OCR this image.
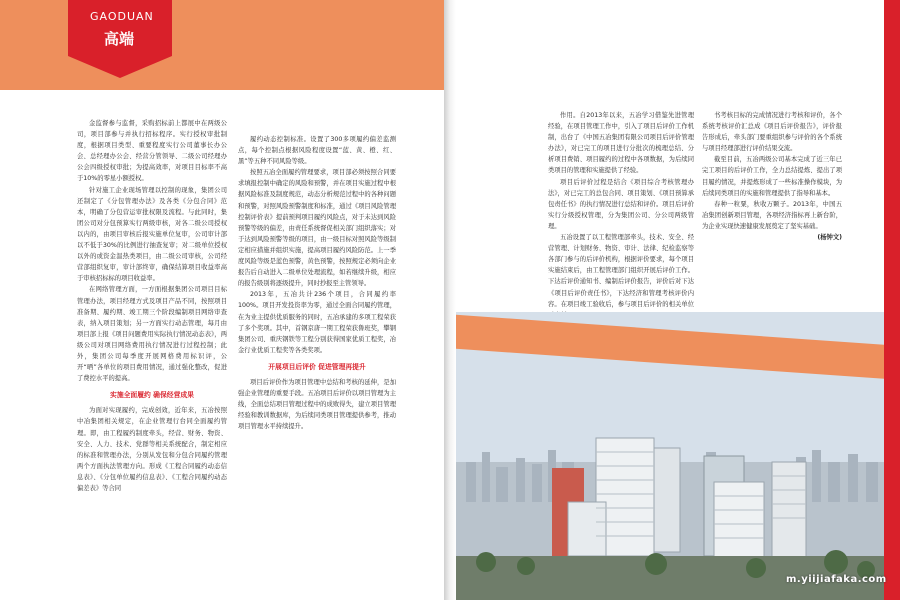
GAODUAN
高端

金监督参与监督，采购招标前上都展中在两级公司，项目部参与并执行招标程序。实行授权审批制度，根据项目类型、重要程度实行公司董事长办公会、总经理办公会、经营分管领导、二级公司经理办公会四级授权审批；为提高效率，对项目目标率不高于10%的零星小额授权。

针对施工企业现场管理以控制的现象，集团公司还制定了《分包管理办法》及各类《分包合同》范本，明确了分包营运审批权限及流程。与此同时，集团公司对分包预算实行两级审核，对各二级公司授权以内的，由项目审核后报实施单位复审，公司审计部以不低于30%的比例进行抽查复审；对二级单位授权以外的或资金温热类项目，由二级公司审核，公司经营部组织复审，审计部终审，确保结算项目收益率高于审核招标标的项目收益率。

在网络管理方面，一方面根据集团公司项目目标管理办法，项目经理方式及项目产品不同，按照项目准备期、履约期、竣工期三个阶段编制项目网络审查表，纳入项目策划；另一方面实行动态管理，每月由项目部上报《项目问题费用实际执行情况动态表》，两级公司对项目网络费用执行情况进行过程控制；此外，集团公司每季度开展网格费用标识评，公开“晒”各单位的项目费用情况，通过强化整改，促进了费控水平的提高。

实施全面履约 确保经营成果

为面对实现履约，完成创效，近年来，五冶按照中冶集团相关规定，在企业管理行台同全面履约管理。即，由工程履约制度牵头，经营、财务、物资、安全、人力、技术、党群等相关系统配合，制定相应的标准和管理办法，分别从发包和分包合同履约管理两个方面执法管理方向。形成《工程合同履约动态信息表》、《分包单位履约信息表》、《工程合同履约动态偏差表》等合同

履约动态控制标准。设置了300多项履约偏差监测点，每个控制点根据风险程度设置“蓝、黄、橙、红、黑”等五种不同风险等级。

按照五冶全面履约管理要求，项目部必须按照合同要求填报控制中确定的风险和预警，并在项目实施过程中根据风险标准及制度规范，动态分析规范过程中的各种问题和预警，对照风险预警制度和标准，通过《项目风险管理控制评价表》提前预判项目履约风险点，对于未达到风险预警等级的偏差，由责任系统督促相关部门组织落实；对于达到风险预警等级的项目，由一级目标对照风险等级制定相应措施并组织实施，提高项目履约风险防范。上一季度风险等级是蓝色预警，黄色预警，按照规定必须向企业报告后自动进入二级单位处理流程，如若继续升级，相应的报告级别将逐级提升，同时抄报至主管领导。

2013年，五冶共计236个项目，合同履约率100%。项目开发投资率为零，通过全面合同履约管理，在为业主提供优质服务的同时，五冶承建的多项工程荣获了多个奖项。其中，首钢京唐一期工程荣获鲁班奖，攀钢集团公司、重庆钢铁等工程分别获得国家优质工程奖，冶金行业优质工程奖等各类奖项。

开展项目后评价 促进管理再提升

项目后评价作为项目管理中总结和考核的延伸，是加强企业管理的重要手段。五冶项目后评价以项目管理为主线，全面总结项目管理过程中的成败得失，建立项目管理经验和教训数据库，为后续同类项目管理提供参考，推动项目管理水平持续提升。

作用。自2013年以来，五冶学习借鉴先进管理经验，在项目管理工作中，引入了项目后评价工作机制，出台了《中国五冶集团有限公司项目后评价管理办法》，对已完工的项目进行分批次的梳理总结、分析项目费销、项目履约的过程中各项数据，为后续同类项目的管理和实施提供了经验。

项目后评价过程是结合《项目综合考核管理办法》，对已完工的总包合同、项目策划、《项目预算承包责任书》的执行情况进行总结和评价。项目后评价实行分级授权管理，分为集团公司、分公司两级管理。

五冶设置了以工程管理部牵头，技术、安全、经营管理、计划财务、物资、审计、法律、纪检监察等各部门参与的后评价机构，根据评价要求，每个项目实施结束后，由工程管理部门组织开展后评价工作。下达后评价通知书、编制后评价报告，评价后对下达《项目后评价责任书》，下达经济和管理考核评价内容。在项目竣工验收后，参与项目后评价的相关单位

书考核目标的完成情况进行考核和评价，各个系统考核评价汇总成《项目后评价报告》，评价报告形成后，牵头部门要重组织参与评价的各个系统与项目经理部进行评价结果交流。

截至目前，五冶两级公司基本完成了近三年已完工项目的后评价工作，全力总结提炼、提出了项目履约情况，并提炼形成了一些标准操作模块，为后续同类项目的实施和管理提供了指导和基本。

春种一粒粟，秋收万颗子。2013年，中国五冶集团创新项目管理，各项经济指标再上新台阶，为企业实现快速健康发展奠定了坚实基础。

(杨钟文)

m.yiijiafaka.com
